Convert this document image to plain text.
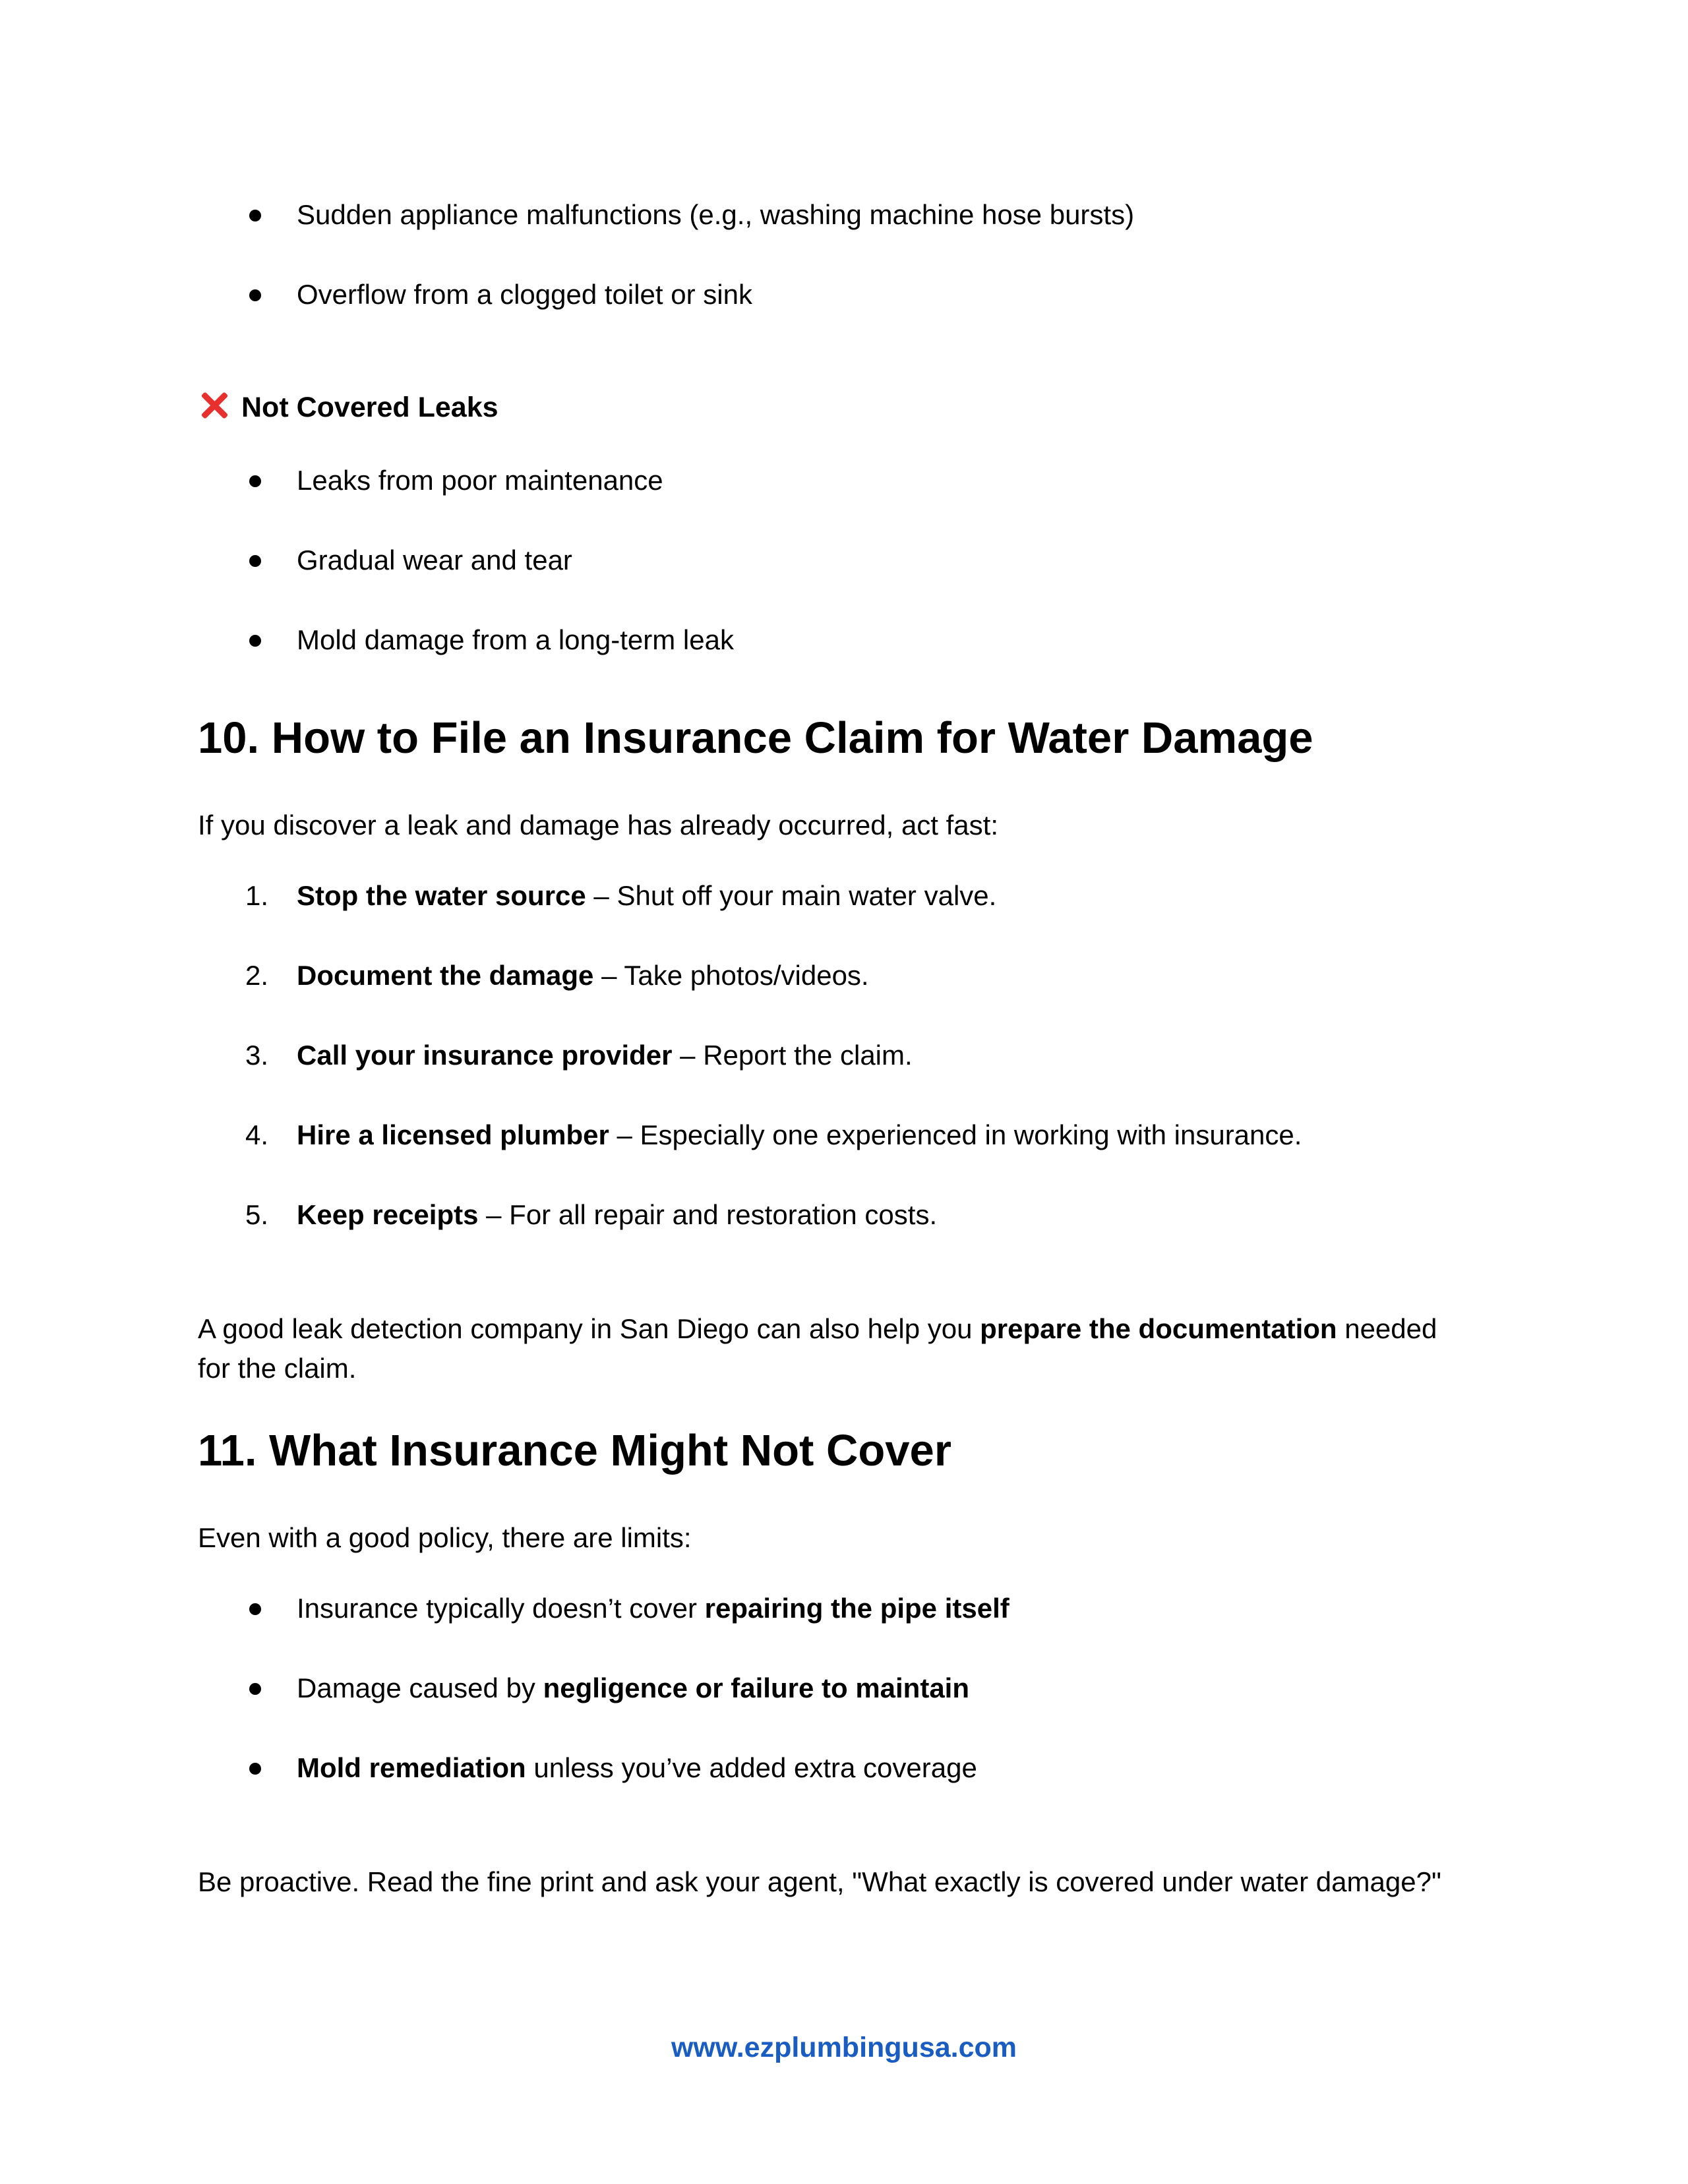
Sudden appliance malfunctions (e.g., washing machine hose bursts)
Overflow from a clogged toilet or sink
Not Covered Leaks
Leaks from poor maintenance
Gradual wear and tear
Mold damage from a long-term leak
10. How to File an Insurance Claim for Water Damage
If you discover a leak and damage has already occurred, act fast:
1. Stop the water source – Shut off your main water valve.
2. Document the damage – Take photos/videos.
3. Call your insurance provider – Report the claim.
4. Hire a licensed plumber – Especially one experienced in working with insurance.
5. Keep receipts – For all repair and restoration costs.
A good leak detection company in San Diego can also help you prepare the documentation needed for the claim.
11. What Insurance Might Not Cover
Even with a good policy, there are limits:
Insurance typically doesn’t cover repairing the pipe itself
Damage caused by negligence or failure to maintain
Mold remediation unless you’ve added extra coverage
Be proactive. Read the fine print and ask your agent, "What exactly is covered under water damage?"
www.ezplumbingusa.com
